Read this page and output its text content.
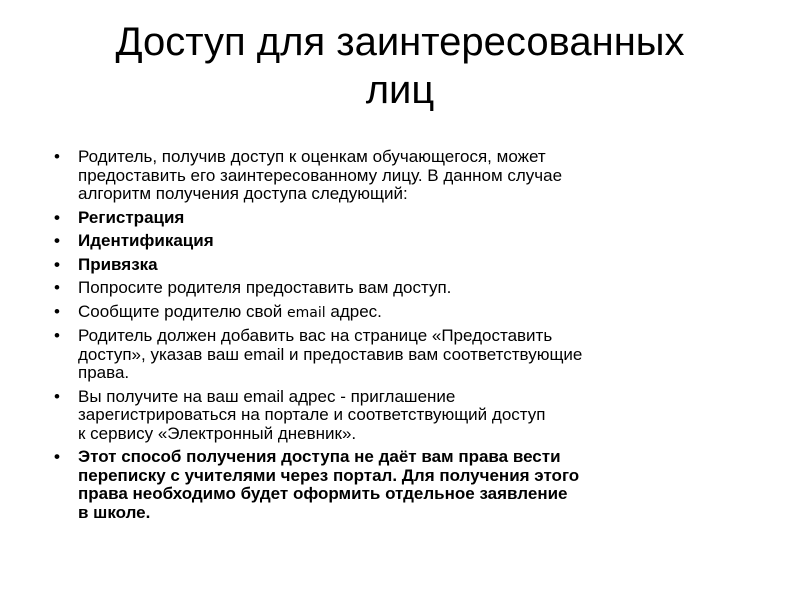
Доступ для заинтересованных
лиц
• Родитель, получив доступ к оценкам обучающегося, может
предоставить его заинтересованному лицу. В данном случае
алгоритм получения доступа следующий:
• Регистрация
• Идентификация
• Привязка
• Попросите родителя предоставить вам доступ.
• Сообщите родителю свой email адрес.
• Родитель должен добавить вас на странице «Предоставить
доступ», указав ваш email и предоставив вам соответствующие
права.
• Вы получите на ваш email адрес - приглашение
зарегистрироваться на портале и соответствующий доступ
к сервису «Электронный дневник».
• Этот способ получения доступа не даёт вам права вести
переписку с учителями через портал. Для получения этого
права необходимо будет оформить отдельное заявление
в школе.
